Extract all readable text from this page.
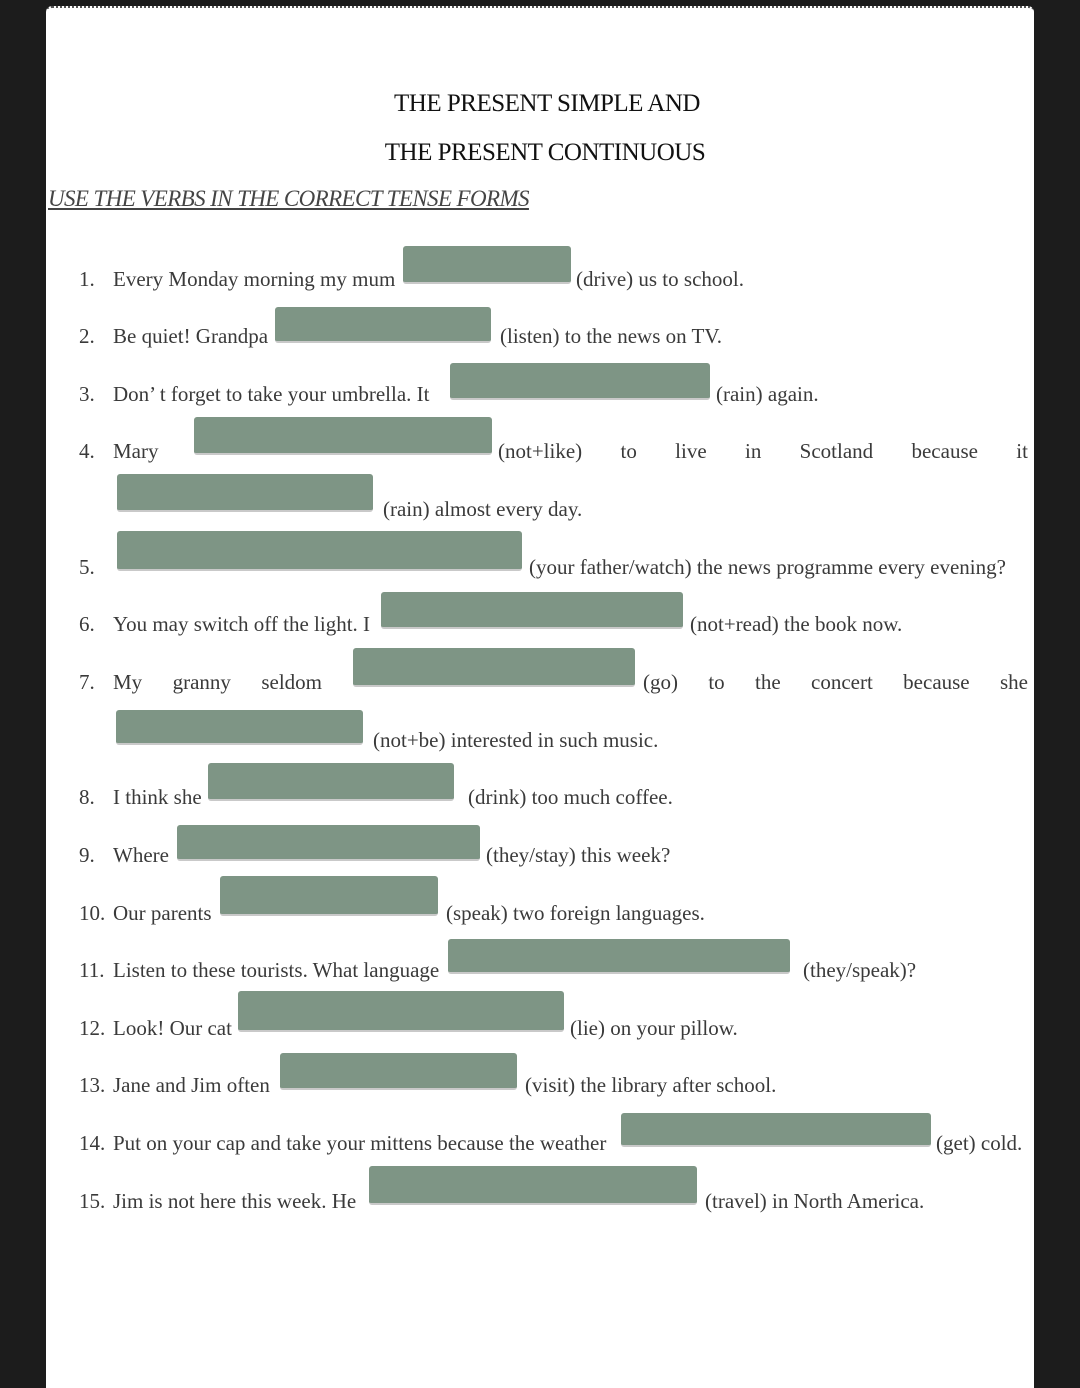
THE PRESENT SIMPLE AND
THE PRESENT CONTINUOUS

USE THE VERBS IN THE CORRECT TENSE FORMS

1. Every Monday morning my mum	(drive) us to school.
2. Be quiet! Grandpa	(listen) to the news on TV.
3. Don’ t forget to take your umbrella. It	(rain) again.
4. Mary	(not+like) to live in Scotland because it
(rain) almost every day.
5.	(your father/watch) the news programme every evening?
6. You may switch off the light. I	(not+read) the book now.
7. My granny seldom	(go) to the concert because she
(not+be) interested in such music.
8. I think she	(drink) too much coffee.
9. Where	(they/stay) this week?
10. Our parents	(speak) two foreign languages.
11. Listen to these tourists. What language	(they/speak)?
12. Look! Our cat	(lie) on your pillow.
13. Jane and Jim often	(visit) the library after school.
14. Put on your cap and take your mittens because the weather	(get) cold.
15. Jim is not here this week. He	(travel) in North America.
